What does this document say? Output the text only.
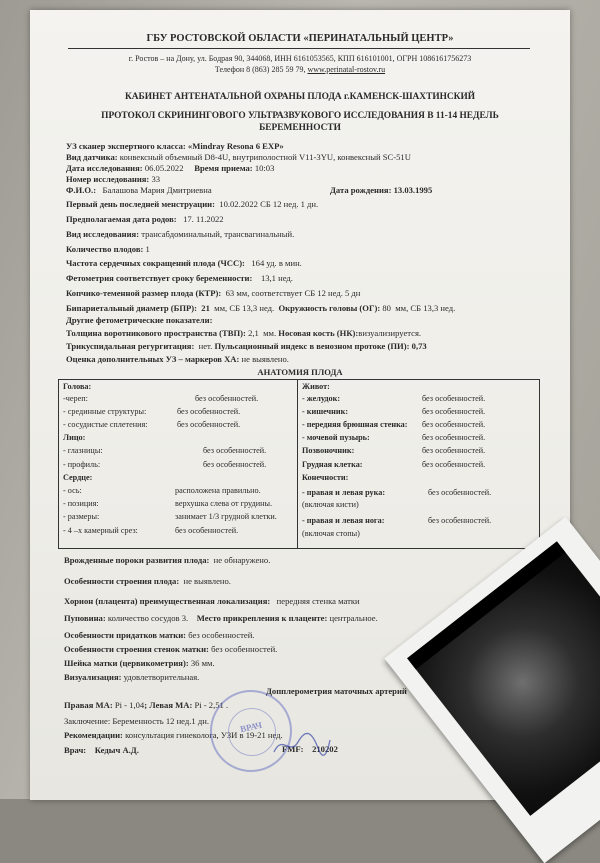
ГБУ РОСТОВСКОЙ ОБЛАСТИ «ПЕРИНАТАЛЬНЫЙ ЦЕНТР»
г. Ростов – на Дону, ул. Бодрая 90, 344068, ИНН 6161053565, КПП 616101001, ОГРН 1086161756273
Телефон 8 (863) 285 59 79, www.perinatal-rostov.ru
КАБИНЕТ АНТЕНАТАЛЬНОЙ ОХРАНЫ ПЛОДА г.КАМЕНСК-ШАХТИНСКИЙ
ПРОТОКОЛ СКРИНИНГОВОГО УЛЬТРАЗВУКОВОГО ИССЛЕДОВАНИЯ В 11-14 НЕДЕЛЬ
БЕРЕМЕННОСТИ
УЗ сканер экспертного класса: «Mindray Resona 6 EXP»
Вид датчика: конвексный объемный D8-4U, внутриполостной V11-3YU, конвексный SC-51U
Дата исследования: 06.05.2022 Время приема: 10:03
Номер исследования: 33
Ф.И.О.: Балашова Мария Дмитриевна	Дата рождения: 13.03.1995
Первый день последней менструации: 10.02.2022 СБ 12 нед. 1 дн.
Предполагаемая дата родов: 17. 11.2022
Вид исследования: трансабдоминальный, трансвагинальный.
Количество плодов: 1
Частота сердечных сокращений плода (ЧСС): 164 уд. в мин.
Фетометрия соответствует сроку беременности: 13,1 нед.
Копчико-теменной размер плода (КТР): 63 мм, соответствует СБ 12 нед. 5 дн
Бипариетальный диаметр (БПР): 21 мм, СБ 13,3 нед. Окружность головы (ОГ): 80 мм, СБ 13,3 нед.
Другие фетометрические показатели:
Толщина воротникового пространства (ТВП): 2,1 мм. Носовая кость (НК):визуализируется.
Трикуспидальная регургитация: нет. Пульсационный индекс в венозном протоке (ПИ): 0,73
Оценка дополнительных УЗ – маркеров ХА: не выявлено.
АНАТОМИЯ ПЛОДА
Голова:
-череп:	без особенностей.
- срединные структуры:	без особенностей.
- сосудистые сплетения:	без особенностей.
Лицо:
- глазницы:	без особенностей.
- профиль:	без особенностей.
Сердце:
- ось:	расположена правильно.
- позиция:	верхушка слева от грудины.
- размеры:	занимает 1/3 грудной клетки.
- 4 –х камерный срез:	без особенностей.
Живот:
- желудок:	без особенностей.
- кишечник:	без особенностей.
- передняя брюшная стенка: без особенностей.
- мочевой пузырь:	без особенностей.
Позвоночник:	без особенностей.
Грудная клетка:	без особенностей.
Конечности:
- правая и левая рука:	без особенностей.
(включая кисти)
- правая и левая нога:	без особенностей.
(включая стопы)
Врожденные пороки развития плода: не обнаружено.
Особенности строения плода: не выявлено.
Хорион (плацента) преимущественная локализация: передняя стенка матки
Пуповина: количество сосудов 3. Место прикрепления к плаценте: центральное.
Особенности придатков матки: без особенностей.
Особенности строения стенок матки: без особенностей.
Шейка матки (цервикометрия): 36 мм.
Визуализация: удовлетворительная.
Допплерометрия маточных артерий
Правая МА: Pi - 1,04; Левая МА: Pi - 2,51 .
Заключение: Беременность 12 нед.1 дн.
Рекомендации: консультация гинеколога, УЗИ в 19-21 нед.
Врач: Кедыч А.Д.	FMF: 210202
ВРАЧ
